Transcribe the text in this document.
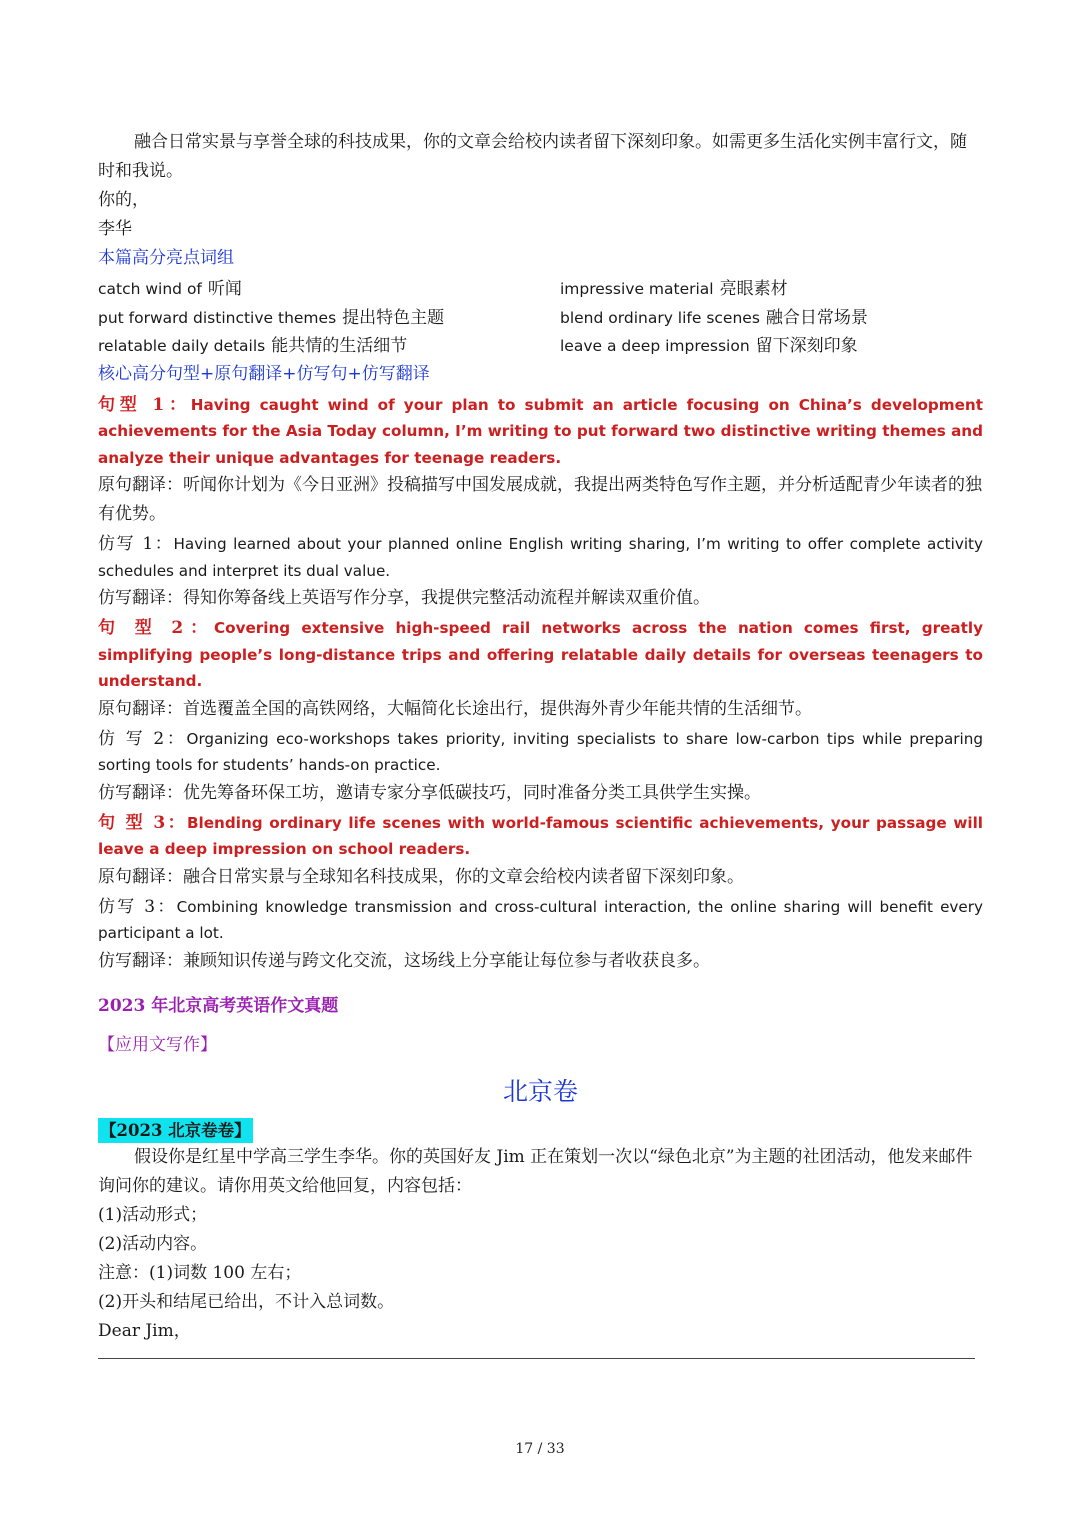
融合日常实景与享誉全球的科技成果，你的文章会给校内读者留下深刻印象。如需更多生活化实例丰富行文，随时和我说。

你的，

李华

本篇高分亮点词组

catch wind of 听闻	impressive material 亮眼素材
put forward distinctive themes 提出特色主题	blend ordinary life scenes 融合日常场景
relatable daily details 能共情的生活细节	leave a deep impression 留下深刻印象

核心高分句型+原句翻译+仿写句+仿写翻译

句型 1：Having caught wind of your plan to submit an article focusing on China’s development achievements for the Asia Today column, I’m writing to put forward two distinctive writing themes and analyze their unique advantages for teenage readers.

原句翻译：听闻你计划为《今日亚洲》投稿描写中国发展成就，我提出两类特色写作主题，并分析适配青少年读者的独有优势。

仿写 1：Having learned about your planned online English writing sharing, I’m writing to offer complete activity schedules and interpret its dual value.

仿写翻译：得知你筹备线上英语写作分享，我提供完整活动流程并解读双重价值。

句 型 2：Covering extensive high-speed rail networks across the nation comes first, greatly simplifying people’s long-distance trips and offering relatable daily details for overseas teenagers to understand.

原句翻译：首选覆盖全国的高铁网络，大幅简化长途出行，提供海外青少年能共情的生活细节。

仿 写 2：Organizing eco-workshops takes priority, inviting specialists to share low-carbon tips while preparing sorting tools for students’ hands-on practice.

仿写翻译：优先筹备环保工坊，邀请专家分享低碳技巧，同时准备分类工具供学生实操。

句 型 3：Blending ordinary life scenes with world-famous scientific achievements, your passage will leave a deep impression on school readers.

原句翻译：融合日常实景与全球知名科技成果，你的文章会给校内读者留下深刻印象。

仿写 3：Combining knowledge transmission and cross-cultural interaction, the online sharing will benefit every participant a lot.

仿写翻译：兼顾知识传递与跨文化交流，这场线上分享能让每位参与者收获良多。

2023 年北京高考英语作文真题

【应用文写作】

北京卷

【2023 北京卷卷】

假设你是红星中学高三学生李华。你的英国好友 Jim 正在策划一次以“绿色北京”为主题的社团活动，他发来邮件询问你的建议。请你用英文给他回复，内容包括：

(1)活动形式；

(2)活动内容。

注意：(1)词数 100 左右；

(2)开头和结尾已给出，不计入总词数。

Dear Jim，

17 / 33
